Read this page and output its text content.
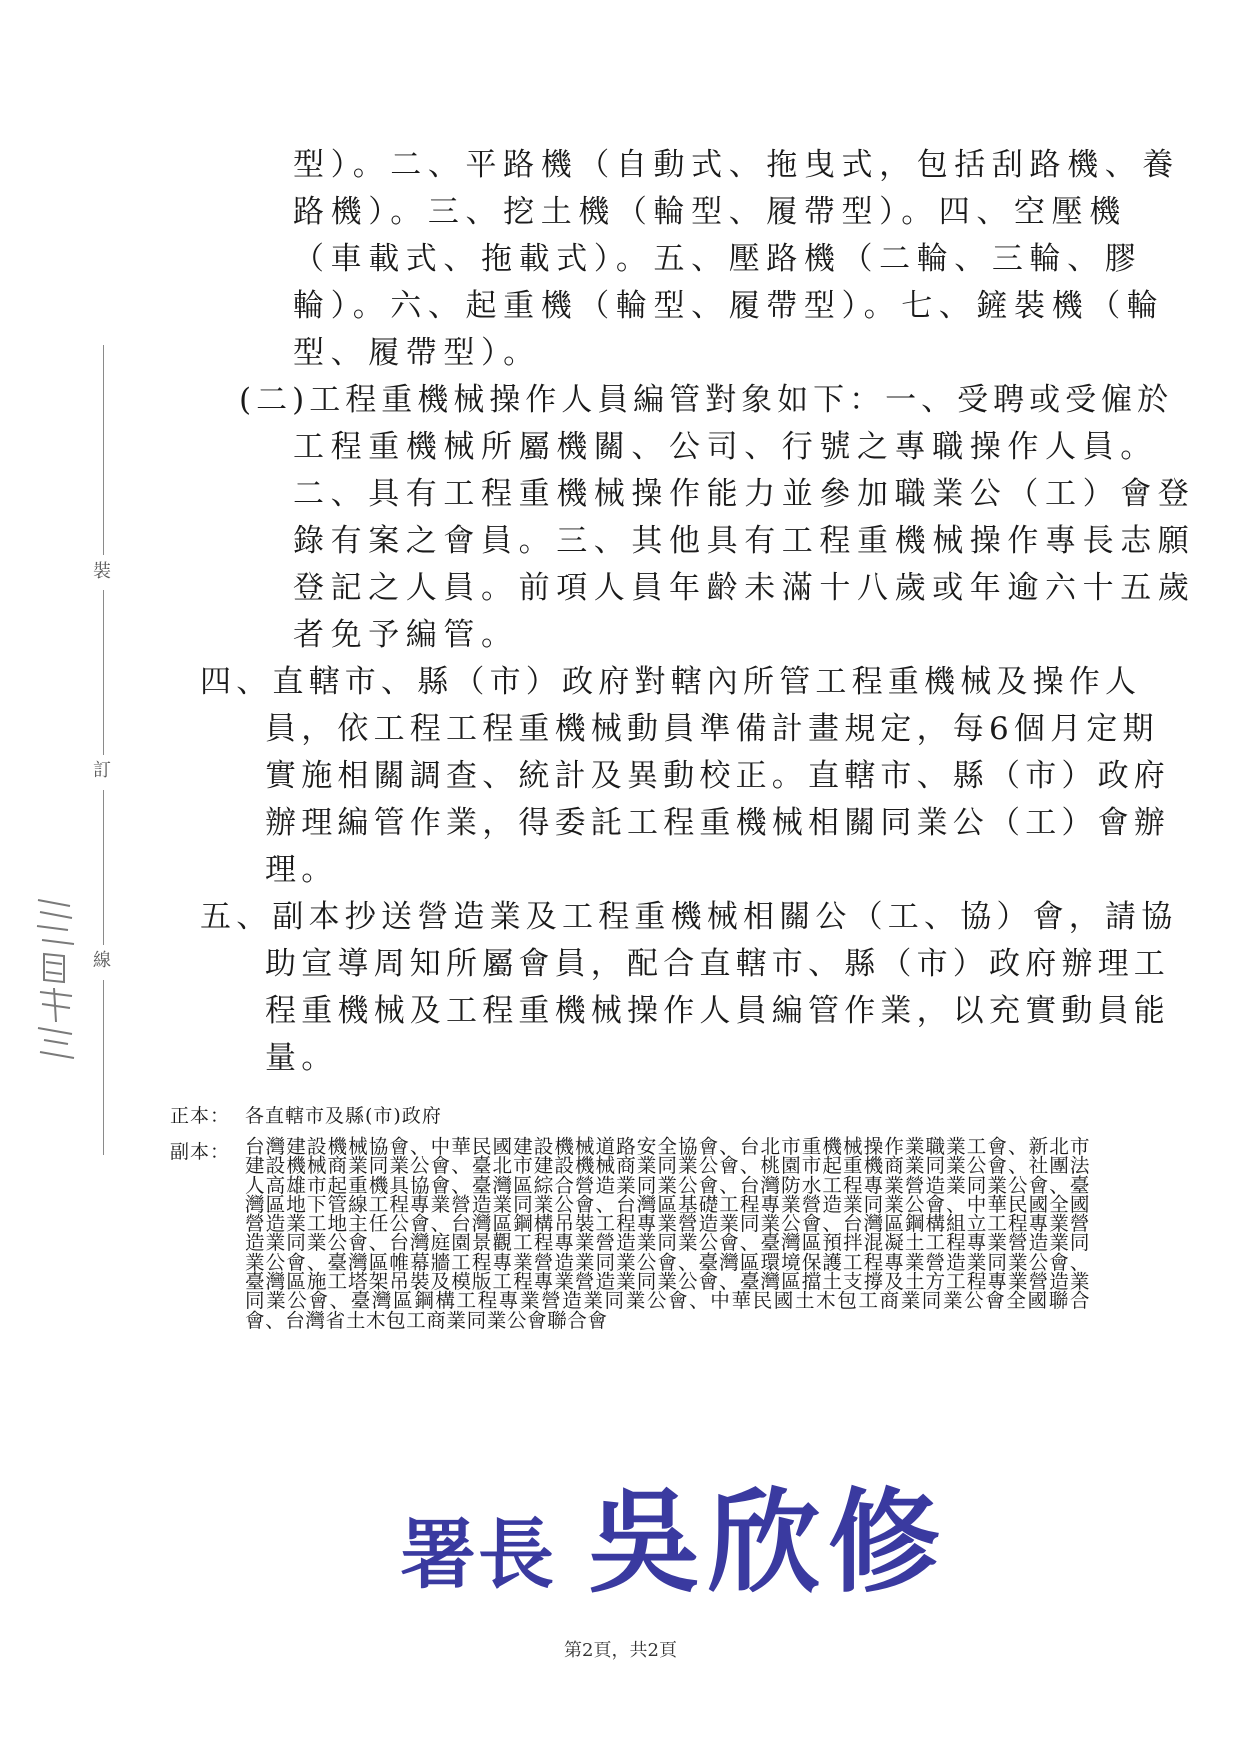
裝
訂
線
型）。二、平路機（自動式、拖曳式，包括刮路機、養
路機）。三、挖土機（輪型、履帶型）。四、空壓機
（車載式、拖載式）。五、壓路機（二輪、三輪、膠
輪）。六、起重機（輪型、履帶型）。七、鏟裝機（輪
型、履帶型）。
(二)工程重機械操作人員編管對象如下：一、受聘或受僱於
工程重機械所屬機關、公司、行號之專職操作人員。
二、具有工程重機械操作能力並參加職業公（工）會登
錄有案之會員。三、其他具有工程重機械操作專長志願
登記之人員。前項人員年齡未滿十八歲或年逾六十五歲
者免予編管。
四、直轄市、縣（市）政府對轄內所管工程重機械及操作人
員，依工程工程重機械動員準備計畫規定，每6個月定期
實施相關調查、統計及異動校正。直轄市、縣（市）政府
辦理編管作業，得委託工程重機械相關同業公（工）會辦
理。
五、副本抄送營造業及工程重機械相關公（工、協）會，請協
助宣導周知所屬會員，配合直轄市、縣（市）政府辦理工
程重機械及工程重機械操作人員編管作業，以充實動員能
量。
正本： 各直轄市及縣(市)政府
副本： 台灣建設機械協會、中華民國建設機械道路安全協會、台北市重機械操作業職業工會、新北市建設機械商業同業公會、臺北市建設機械商業同業公會、桃園市起重機商業同業公會、社團法人高雄市起重機具協會、臺灣區綜合營造業同業公會、台灣防水工程專業營造業同業公會、臺灣區地下管線工程專業營造業同業公會、台灣區基礎工程專業營造業同業公會、中華民國全國營造業工地主任公會、台灣區鋼構吊裝工程專業營造業同業公會、台灣區鋼構組立工程專業營造業同業公會、台灣庭園景觀工程專業營造業同業公會、臺灣區預拌混凝土工程專業營造業同業公會、臺灣區帷幕牆工程專業營造業同業公會、臺灣區環境保護工程專業營造業同業公會、臺灣區施工塔架吊裝及模版工程專業營造業同業公會、臺灣區擋土支撐及土方工程專業營造業同業公會、臺灣區鋼構工程專業營造業同業公會、中華民國土木包工商業同業公會全國聯合會、台灣省土木包工商業同業公會聯合會
署長 吳欣修
第2頁，共2頁
